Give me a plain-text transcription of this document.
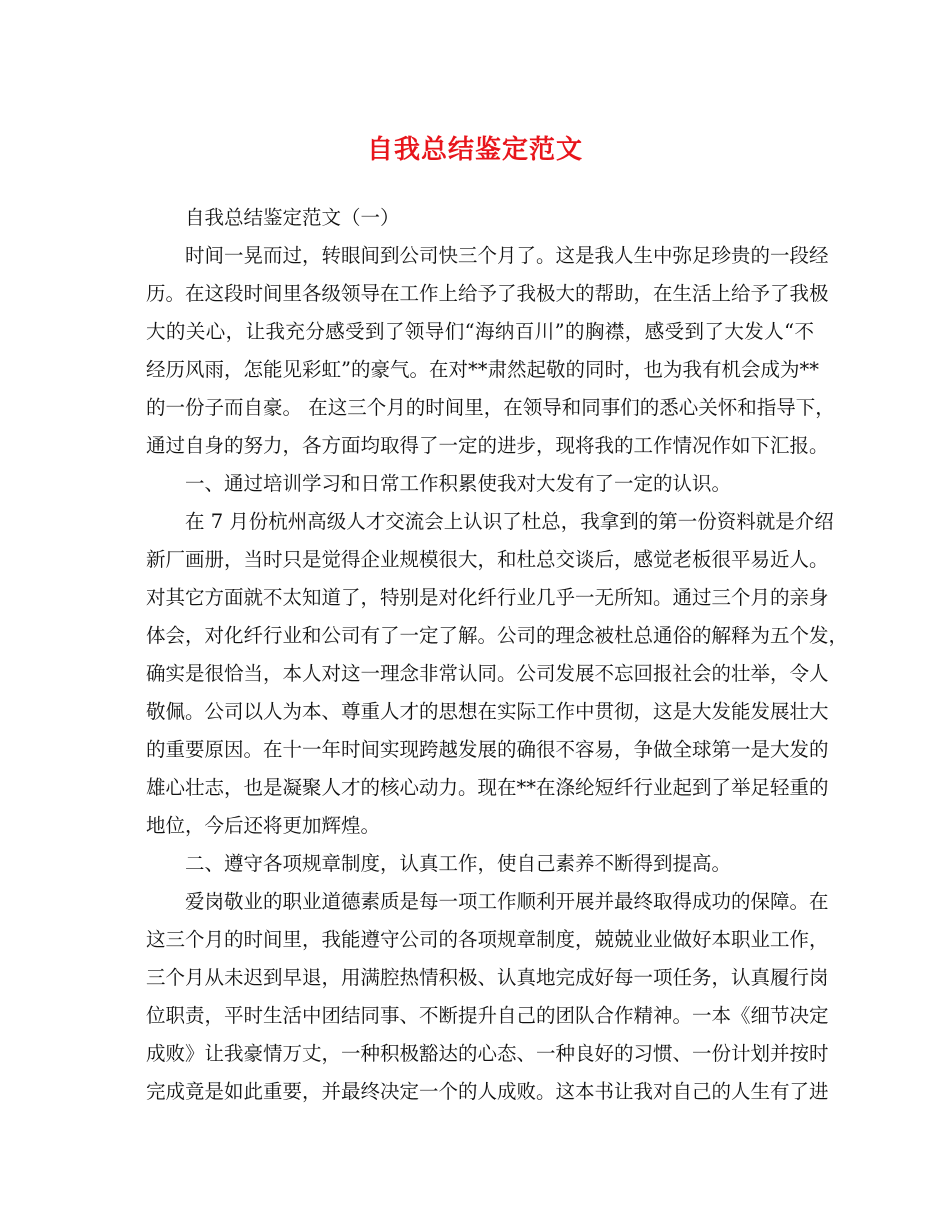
自我总结鉴定范文
自我总结鉴定范文（一）
时间一晃而过，转眼间到公司快三个月了。这是我人生中弥足珍贵的一段经
历。在这段时间里各级领导在工作上给予了我极大的帮助，在生活上给予了我极
大的关心，让我充分感受到了领导们“海纳百川”的胸襟，感受到了大发人“不
经历风雨，怎能见彩虹”的豪气。在对**肃然起敬的同时，也为我有机会成为**
的一份子而自豪。 在这三个月的时间里，在领导和同事们的悉心关怀和指导下，
通过自身的努力，各方面均取得了一定的进步，现将我的工作情况作如下汇报。
一、通过培训学习和日常工作积累使我对大发有了一定的认识。
在 7 月份杭州高级人才交流会上认识了杜总，我拿到的第一份资料就是介绍
新厂画册，当时只是觉得企业规模很大，和杜总交谈后，感觉老板很平易近人。
对其它方面就不太知道了，特别是对化纤行业几乎一无所知。通过三个月的亲身
体会，对化纤行业和公司有了一定了解。公司的理念被杜总通俗的解释为五个发，
确实是很恰当，本人对这一理念非常认同。公司发展不忘回报社会的壮举，令人
敬佩。公司以人为本、尊重人才的思想在实际工作中贯彻，这是大发能发展壮大
的重要原因。在十一年时间实现跨越发展的确很不容易，争做全球第一是大发的
雄心壮志，也是凝聚人才的核心动力。现在**在涤纶短纤行业起到了举足轻重的
地位，今后还将更加辉煌。
二、遵守各项规章制度，认真工作，使自己素养不断得到提高。
爱岗敬业的职业道德素质是每一项工作顺利开展并最终取得成功的保障。在
这三个月的时间里，我能遵守公司的各项规章制度，兢兢业业做好本职业工作，
三个月从未迟到早退，用满腔热情积极、认真地完成好每一项任务，认真履行岗
位职责，平时生活中团结同事、不断提升自己的团队合作精神。一本《细节决定
成败》让我豪情万丈，一种积极豁达的心态、一种良好的习惯、一份计划并按时
完成竟是如此重要，并最终决定一个的人成败。这本书让我对自己的人生有了进
